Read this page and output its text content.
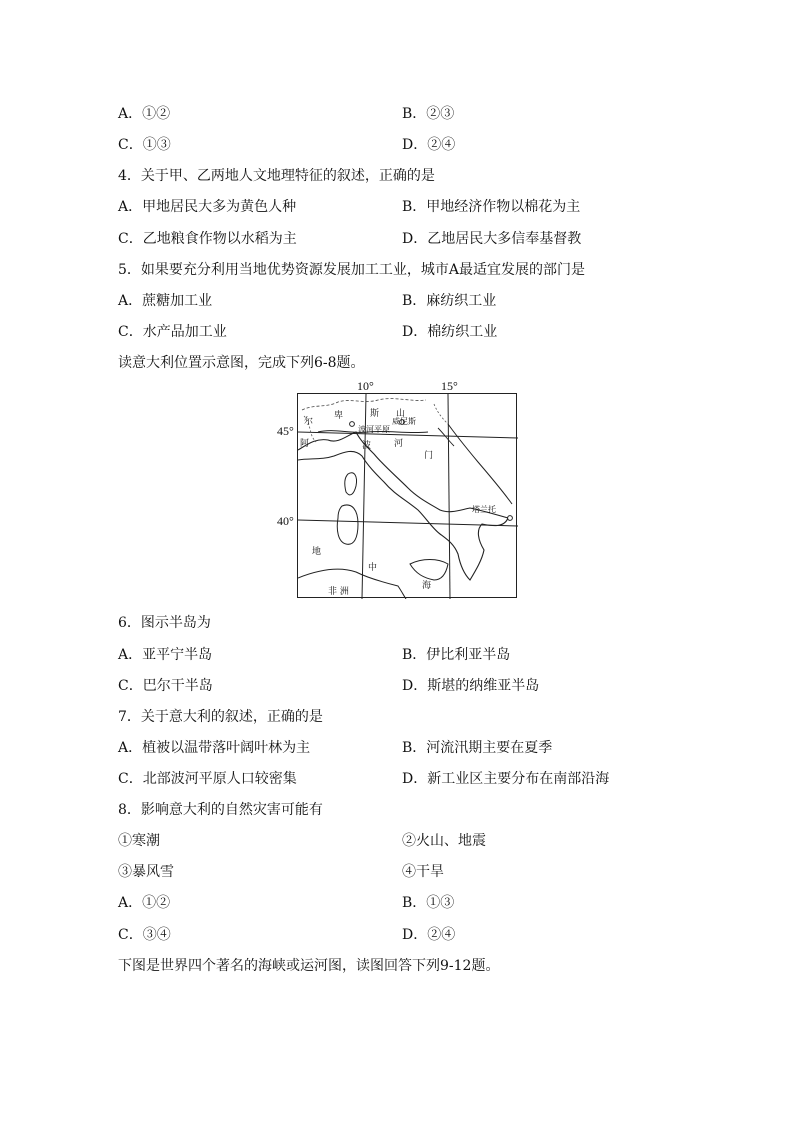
A．①②	B．②③
C．①③	D．②④
4．关于甲、乙两地人文地理特征的叙述，正确的是
A．甲地居民大多为黄色人种	B．甲地经济作物以棉花为主
C．乙地粮食作物以水稻为主	D．乙地居民大多信奉基督教
5．如果要充分利用当地优势资源发展加工工业，城市A最适宜发展的部门是
A．蔗糖加工业	B．麻纺织工业
C．水产品加工业	D．棉纺织工业
读意大利位置示意图，完成下列6-8题。
10°	15°
45°
40°
尔
卑	斯 山
威尼斯
波河平原
阿	波	河
门
塔兰托
地
中
海
非 洲
6．图示半岛为
A．亚平宁半岛	B．伊比利亚半岛
C．巴尔干半岛	D．斯堪的纳维亚半岛
7．关于意大利的叙述，正确的是
A．植被以温带落叶阔叶林为主	B．河流汛期主要在夏季
C．北部波河平原人口较密集	D．新工业区主要分布在南部沿海
8．影响意大利的自然灾害可能有
①寒潮	②火山、地震
③暴风雪	④干旱
A．①②	B．①③
C．③④	D．②④
下图是世界四个著名的海峡或运河图，读图回答下列9-12题。
